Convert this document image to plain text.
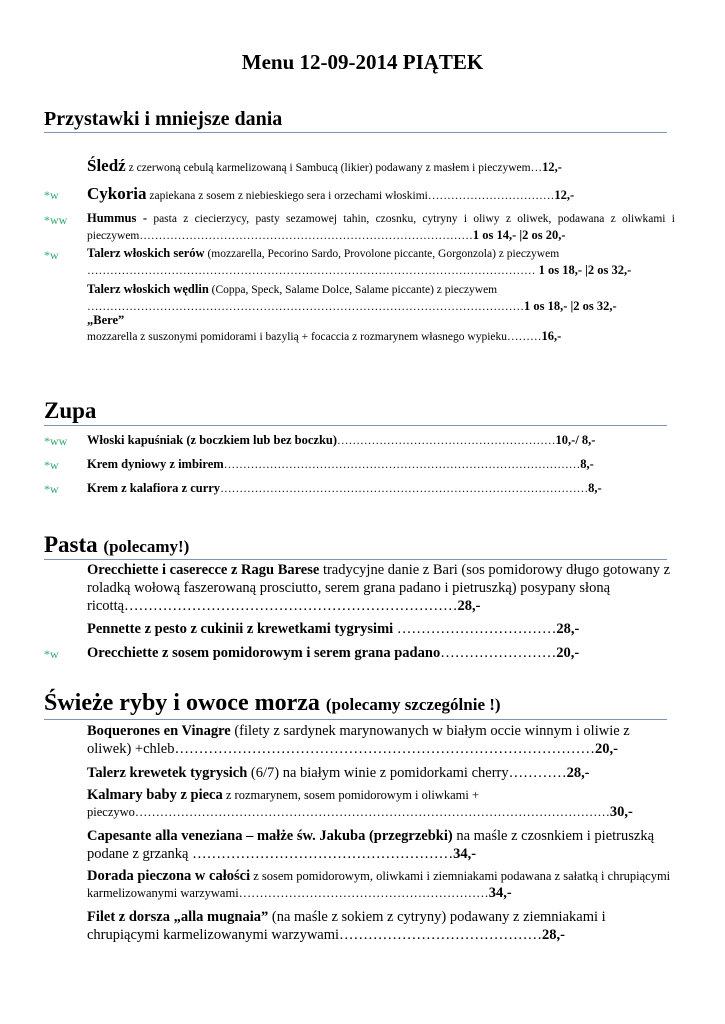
Menu 12-09-2014 PIĄTEK
Przystawki i mniejsze dania
Śledź z czerwoną cebulą karmelizowaną i Sambucą (likier) podawany z masłem i pieczywem…12,-
*w Cykoria zapiekana z sosem z niebieskiego sera i orzechami włoskimi……………………………12,-
*ww Hummus - pasta z ciecierzycy, pasty sezamowej tahin, czosnku, cytryny i oliwy z oliwek, podawana z oliwkami i pieczywem……………………………………………………………………………1 os 14,- |2 os 20,-
*w Talerz włoskich serów (mozzarella, Pecorino Sardo, Provolone piccante, Gorgonzola) z pieczywem ……………………………………………………………………………………………………… 1 os 18,- |2 os 32,-
Talerz włoskich wędlin (Coppa, Speck, Salame Dolce, Salame piccante) z pieczywem ……………………………………………………………………………………………………1 os 18,- |2 os 32,-
„Bere”
mozzarella z suszonymi pomidorami i bazylią + focaccia z rozmarynem własnego wypieku………16,-
Zupa
*ww Włoski kapuśniak (z boczkiem lub bez boczku)…………………………………………………10,-/ 8,-
*w Krem dyniowy z imbirem…………………………………………………………………………………8,-
*w Krem z kalafiora z curry……………………………………………………………………………………8,-
Pasta (polecamy!)
Orecchiette i caserecce z Ragu Barese tradycyjne danie z Bari (sos pomidorowy długo gotowany z roladką wołową faszerowaną prosciutto, serem grana padano i pietruszką) posypany słoną ricottą……………………………………………………………28,-
Pennette z pesto z cukinii z krewetkami tygrysimi ……………………………28,-
*w Orecchiette z sosem pomidorowym i serem grana padano……………………20,-
Świeże ryby i owoce morza (polecamy szczególnie !)
Boquerones en Vinagre (filety z sardynek marynowanych w białym occie winnym i oliwie z oliwek) +chleb……………………………………………………………………………20,-
Talerz krewetek tygrysich (6/7) na białym winie z pomidorkami cherry…………28,-
Kalmary baby z pieca z rozmarynem, sosem pomidorowym i oliwkami + pieczywo……………………………………………………………………………………………………30,-
Capesante alla veneziana – małże św. Jakuba (przegrzebki) na maśle z czosnkiem i pietruszką podane z grzanką ………………………………………………34,-
Dorada pieczona w całości z sosem pomidorowym, oliwkami i ziemniakami podawana z sałatką i chrupiącymi karmelizowanymi warzywami……………………………………………………34,-
Filet z dorsza „alla mugnaia” (na maśle z sokiem z cytryny) podawany z ziemniakami i chrupiącymi karmelizowanymi warzywami……………………………………28,-
